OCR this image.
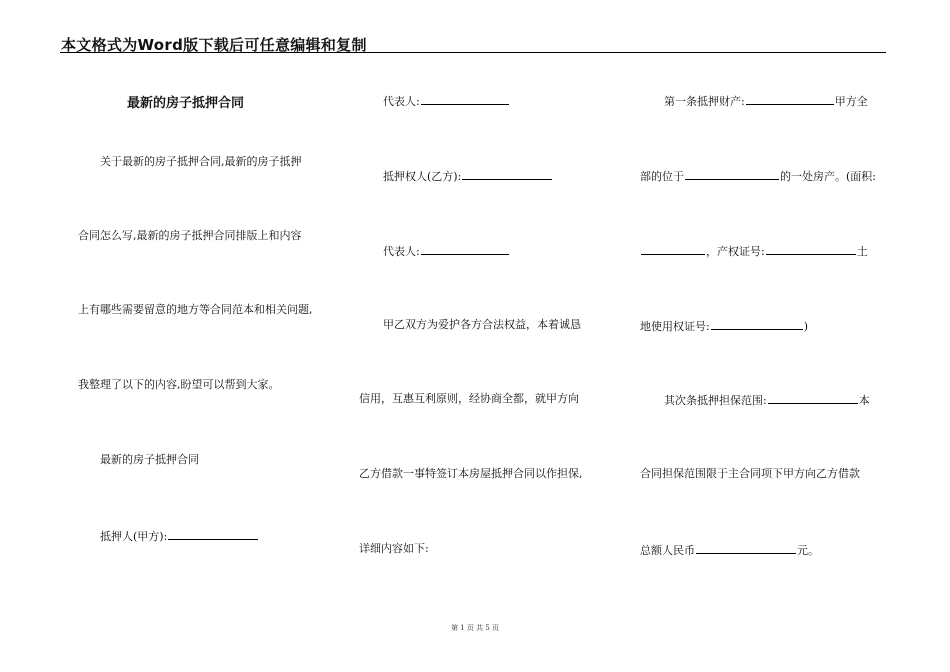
本文格式为Word版下载后可任意编辑和复制
最新的房子抵押合同
关于最新的房子抵押合同,最新的房子抵押
合同怎么写,最新的房子抵押合同排版上和内容
上有哪些需要留意的地方等合同范本和相关问题,
我整理了以下的内容,盼望可以帮到大家。
最新的房子抵押合同
抵押人(甲方):
代表人:
抵押权人(乙方):
代表人:
甲乙双方为爱护各方合法权益，本着诚恳
信用，互惠互利原则，经协商全都，就甲方向
乙方借款一事特签订本房屋抵押合同以作担保,
详细内容如下:
第一条抵押财产:	甲方全
部的位于	的一处房产。(面积:
，产权证号:	土
地使用权证号:	)
其次条抵押担保范围:	本
合同担保范围限于主合同项下甲方向乙方借款
总额人民币	元。
第 1 页 共 5 页
